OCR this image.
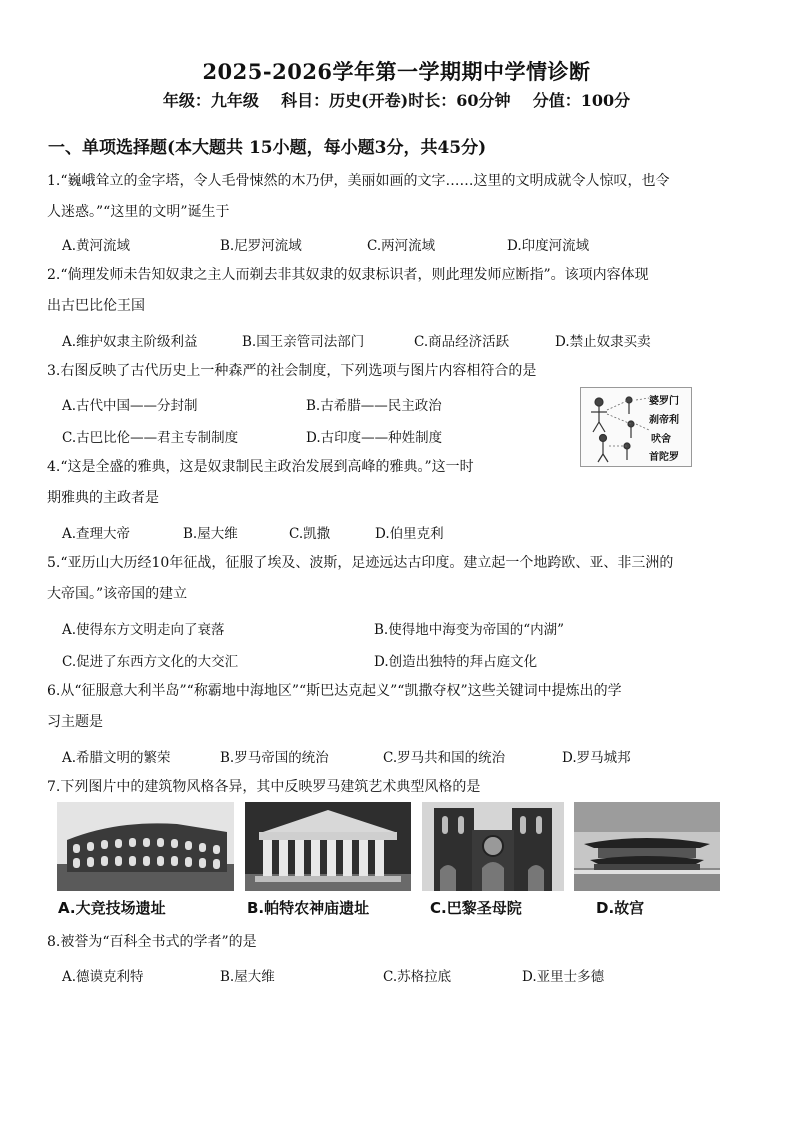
2025-2026学年第一学期期中学情诊断
年级：九年级    科目：历史(开卷)时长：60分钟    分值：100分
一、单项选择题(本大题共 15小题，每小题3分，共45分)
1.“巍峨耸立的金字塔，令人毛骨悚然的木乃伊，美丽如画的文字……这里的文明成就令人惊叹，也令
人迷惑。”“这里的文明”诞生于
A.黄河流域	B.尼罗河流域	C.两河流域	D.印度河流域
2.“倘理发师未告知奴隶之主人而剃去非其奴隶的奴隶标识者，则此理发师应断指”。该项内容体现
出古巴比伦王国
A.维护奴隶主阶级利益	B.国王亲管司法部门	C.商品经济活跃	D.禁止奴隶买卖
3.右图反映了古代历史上一种森严的社会制度，下列选项与图片内容相符合的是
A.古代中国——分封制	B.古希腊——民主政治
C.古巴比伦——君主专制制度	D.古印度——种姓制度
婆罗门
刹帝利
吠舍
首陀罗
4.“这是全盛的雅典，这是奴隶制民主政治发展到高峰的雅典。”这一时
期雅典的主政者是
A.查理大帝	B.屋大维	C.凯撒	D.伯里克利
5.“亚历山大历经10年征战，征服了埃及、波斯，足迹远达古印度。建立起一个地跨欧、亚、非三洲的
大帝国。”该帝国的建立
A.使得东方文明走向了衰落	B.使得地中海变为帝国的“内湖”
C.促进了东西方文化的大交汇	D.创造出独特的拜占庭文化
6.从“征服意大利半岛”“称霸地中海地区”“斯巴达克起义”“凯撒夺权”这些关键词中提炼出的学
习主题是
A.希腊文明的繁荣	B.罗马帝国的统治	C.罗马共和国的统治	D.罗马城邦
7.下列图片中的建筑物风格各异，其中反映罗马建筑艺术典型风格的是
A.大竞技场遗址	B.帕特农神庙遗址	C.巴黎圣母院	D.故宫
8.被誉为“百科全书式的学者”的是
A.德谟克利特	B.屋大维	C.苏格拉底	D.亚里士多德
